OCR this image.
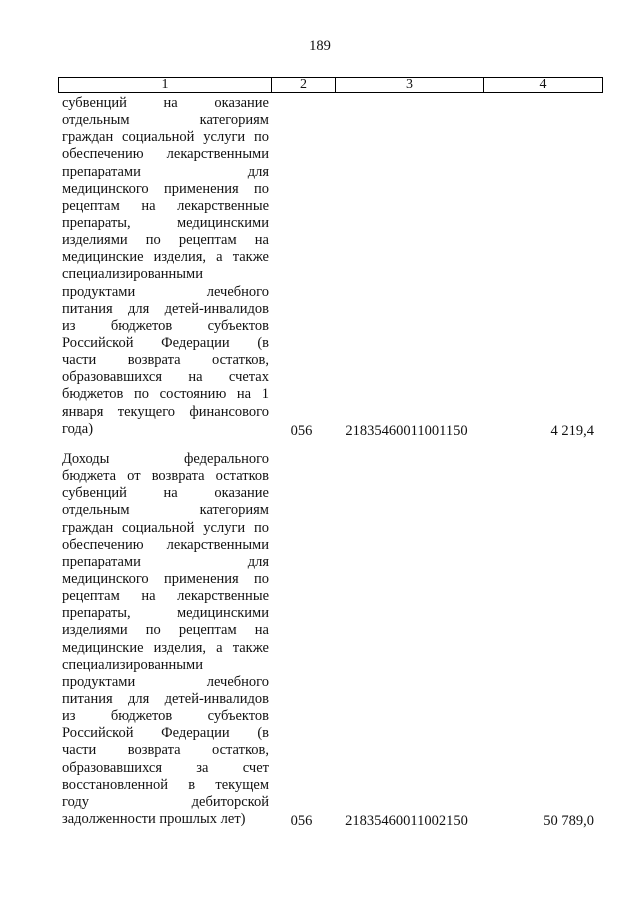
189
1	2	3	4
субвенций на оказание
отдельным категориям
граждан социальной услуги по
обеспечению лекарственными
препаратами для
медицинского применения по
рецептам на лекарственные
препараты, медицинскими
изделиями по рецептам на
медицинские изделия, а также
специализированными
продуктами лечебного
питания для детей-инвалидов
из бюджетов субъектов
Российской Федерации (в
части возврата остатков,
образовавшихся на счетах
бюджетов по состоянию на 1
января текущего финансового
года)	056	21835460011001150	4 219,4
Доходы федерального
бюджета от возврата остатков
субвенций на оказание
отдельным категориям
граждан социальной услуги по
обеспечению лекарственными
препаратами для
медицинского применения по
рецептам на лекарственные
препараты, медицинскими
изделиями по рецептам на
медицинские изделия, а также
специализированными
продуктами лечебного
питания для детей-инвалидов
из бюджетов субъектов
Российской Федерации (в
части возврата остатков,
образовавшихся за счет
восстановленной в текущем
году дебиторской
задолженности прошлых лет)	056	21835460011002150	50 789,0
